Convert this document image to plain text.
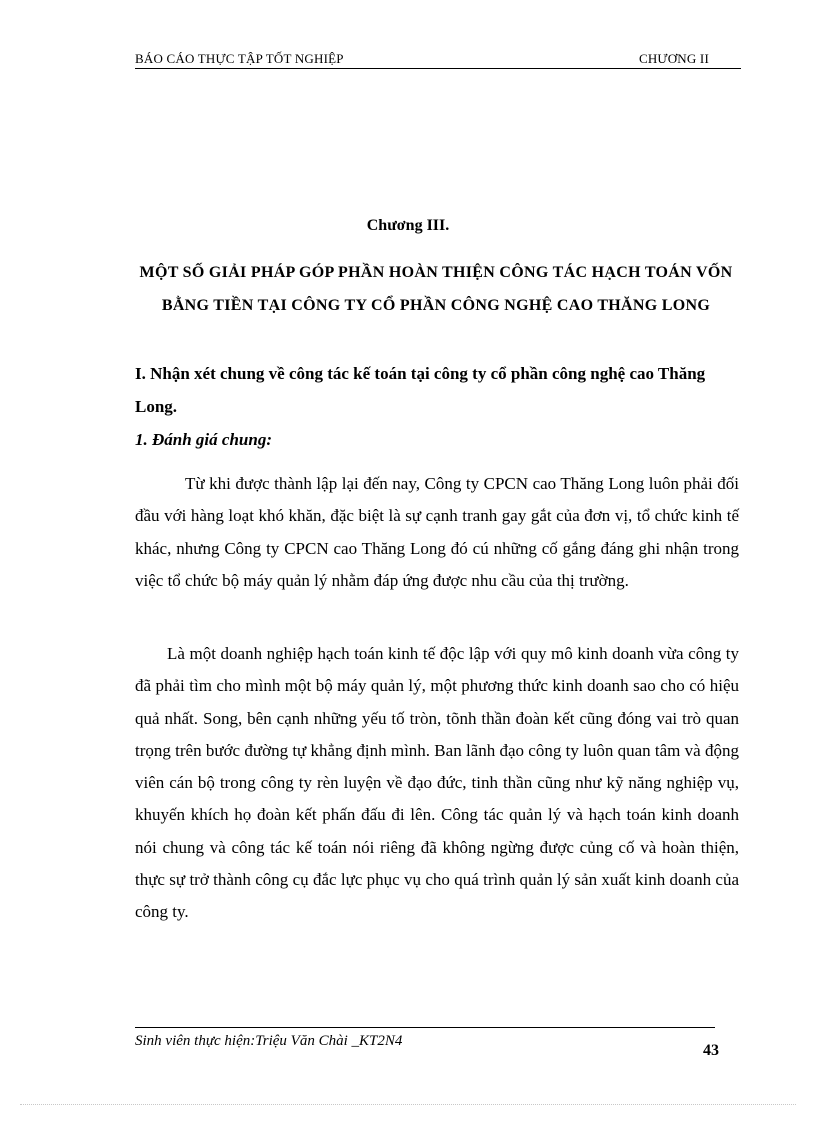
BÁO CÁO THỰC TẬP TỐT NGHIỆP	CHƯƠNG II
Chương III.
MỘT SỐ GIẢI PHÁP GÓP PHẦN HOÀN THIỆN CÔNG TÁC HẠCH TOÁN VỐN BẰNG TIỀN TẠI CÔNG TY CỔ PHẦN CÔNG NGHỆ CAO THĂNG LONG
I. Nhận xét chung về công tác kế toán tại công ty cổ phần công nghệ cao Thăng Long.
1. Đánh giá chung:

Từ khi được thành lập lại đến nay, Công ty CPCN cao Thăng Long luôn phải đối đầu với hàng loạt khó khăn, đặc biệt là sự cạnh tranh gay gắt của đơn vị, tổ chức kinh tế khác, nhưng Công ty CPCN cao Thăng Long đó cú những cố gắng đáng ghi nhận trong việc tổ chức bộ máy quản lý nhằm đáp ứng được nhu cầu của thị trường.

Là một doanh nghiệp hạch toán kinh tế độc lập với quy mô kinh doanh vừa công ty đã phải tìm cho mình một bộ máy quản lý, một phương thức kinh doanh sao cho có hiệu quả nhất. Song, bên cạnh những yếu tố tròn, tõnh thần đoàn kết cũng đóng vai trò quan trọng trên bước đường tự khẳng định mình. Ban lãnh đạo công ty luôn quan tâm và động viên cán bộ trong công ty rèn luyện về đạo đức, tinh thần cũng như kỹ năng nghiệp vụ, khuyến khích họ đoàn kết phấn đấu đi lên. Công tác quản lý và hạch toán kinh doanh nói chung và công tác kế toán nói riêng đã không ngừng được củng cố và hoàn thiện, thực sự trở thành công cụ đắc lực phục vụ cho quá trình quản lý sản xuất kinh doanh của công ty.

Sinh viên thực hiện:Triệu Văn Chài _KT2N4
43
